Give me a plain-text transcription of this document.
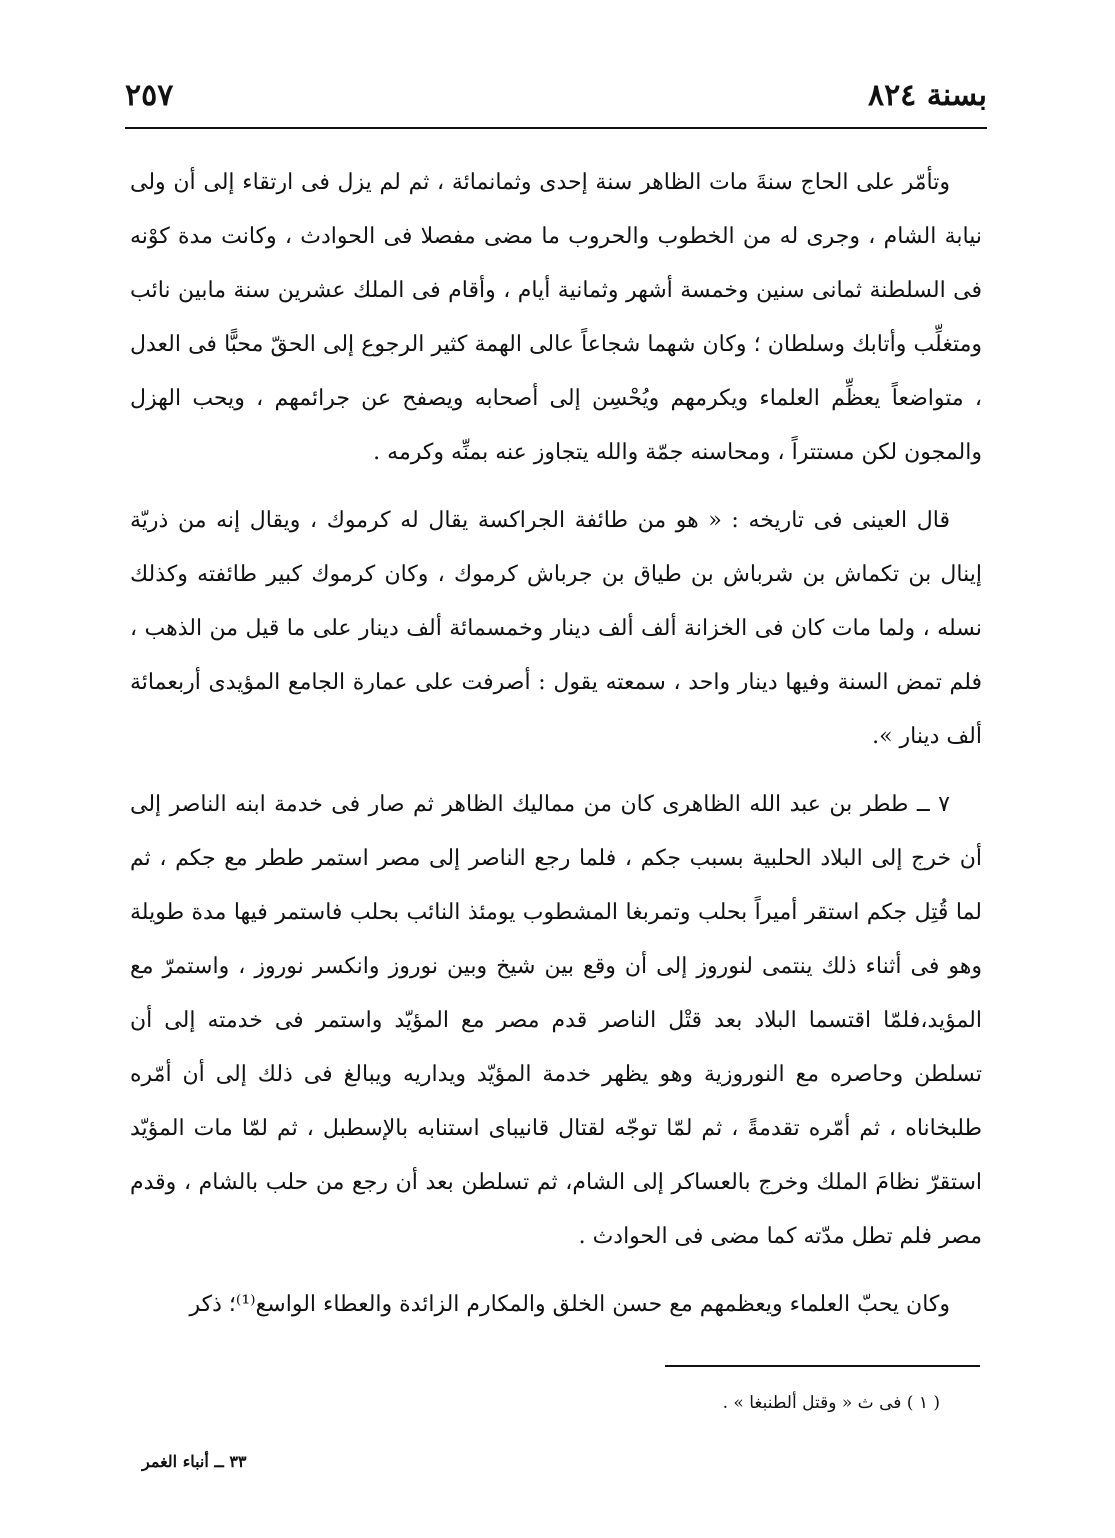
بسنة ٨٢٤
٢٥٧

وتأمّر على الحاج سنةَ مات الظاهر سنة إحدى وثمانمائة ، ثم لم يزل فى ارتقاء إلى أن ولى نيابة الشام ، وجرى له من الخطوب والحروب ما مضى مفصلا فى الحوادث ، وكانت مدة كوْنه فى السلطنة ثمانى سنين وخمسة أشهر وثمانية أيام ، وأقام فى الملك عشرين سنة مابين نائب ومتغلِّب وأتابك وسلطان ؛ وكان شهما شجاعاً عالى الهمة كثير الرجوع إلى الحقّ محبًّا فى العدل ، متواضعاً يعظِّم العلماء ويكرمهم ويُحْسِن إلى أصحابه ويصفح عن جرائمهم ، ويحب الهزل والمجون لكن مستتراً ، ومحاسنه جمّة والله يتجاوز عنه بمنِّه وكرمه .

قال العينى فى تاريخه : « هو من طائفة الجراكسة يقال له كرموك ، ويقال إنه من ذريّة إينال بن تكماش بن شرباش بن طياق بن جرباش كرموك ، وكان كرموك كبير طائفته وكذلك نسله ، ولما مات كان فى الخزانة ألف ألف دينار وخمسمائة ألف دينار على ما قيل من الذهب ، فلم تمض السنة وفيها دينار واحد ، سمعته يقول : أصرفت على عمارة الجامع المؤيدى أربعمائة ألف دينار ».

٧ ــ ططر بن عبد الله الظاهرى كان من مماليك الظاهر ثم صار فى خدمة ابنه الناصر إلى أن خرج إلى البلاد الحلبية بسبب جكم ، فلما رجع الناصر إلى مصر استمر ططر مع جكم ، ثم لما قُتِل جكم استقر أميراً بحلب وتمربغا المشطوب يومئذ النائب بحلب فاستمر فيها مدة طويلة وهو فى أثناء ذلك ينتمى لنوروز إلى أن وقع بين شيخ وبين نوروز وانكسر نوروز ، واستمرّ مع المؤيد،فلمّا اقتسما البلاد بعد قتْل الناصر قدم مصر مع المؤيّد واستمر فى خدمته إلى أن تسلطن وحاصره مع النوروزية وهو يظهر خدمة المؤيّد ويداريه ويبالغ فى ذلك إلى أن أمّره طلبخاناه ، ثم أمّره تقدمةً ، ثم لمّا توجّه لقتال قانيباى استنابه بالإسطبل ، ثم لمّا مات المؤيّد استقرّ نظامَ الملك وخرج بالعساكر إلى الشام، ثم تسلطن بعد أن رجع من حلب بالشام ، وقدم مصر فلم تطل مدّته كما مضى فى الحوادث .

وكان يحبّ العلماء ويعظمهم مع حسن الخلق والمكارم الزائدة والعطاء الواسع⁽¹⁾؛ ذكر

( ١ ) فى ث « وقتل ألطنبغا » .
٣٣ ــ أنباء الغمر
